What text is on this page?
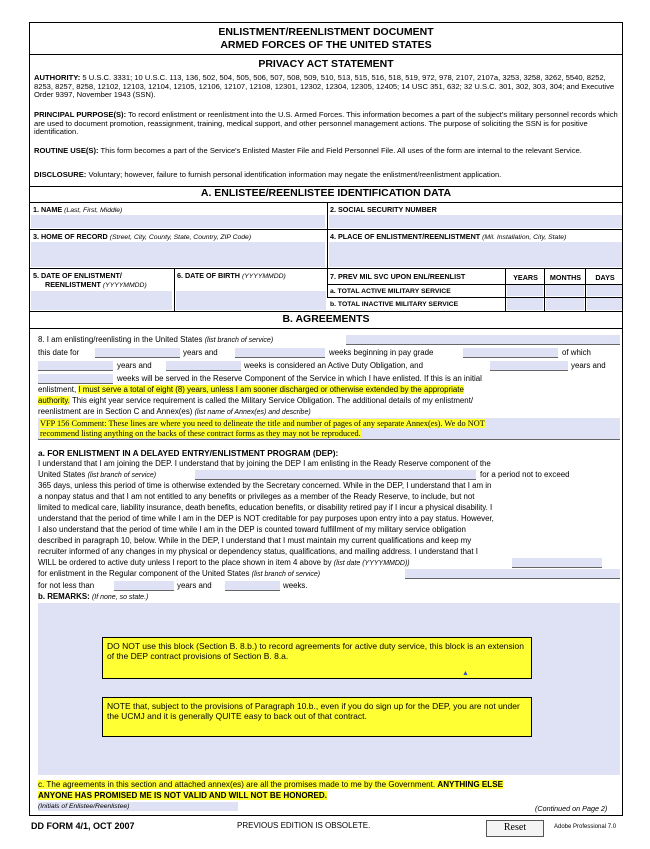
ENLISTMENT/REENLISTMENT DOCUMENT
ARMED FORCES OF THE UNITED STATES
PRIVACY ACT STATEMENT
AUTHORITY: 5 U.S.C. 3331; 10 U.S.C. 113, 136, 502, 504, 505, 506, 507, 508, 509, 510, 513, 515, 516, 518, 519, 972, 978, 2107, 2107a, 3253, 3258, 3262, 5540, 8252, 8253, 8257, 8258, 12102, 12103, 12104, 12105, 12106, 12107, 12108, 12301, 12302, 12304, 12305, 12405; 14 USC 351, 632; 32 U.S.C. 301, 302, 303, 304; and Executive Order 9397, November 1943 (SSN).
PRINCIPAL PURPOSE(S): To record enlistment or reenlistment into the U.S. Armed Forces. This information becomes a part of the subject's military personnel records which are used to document promotion, reassignment, training, medical support, and other personnel management actions. The purpose of soliciting the SSN is for positive identification.
ROUTINE USE(S): This form becomes a part of the Service's Enlisted Master File and Field Personnel File. All uses of the form are internal to the relevant Service.
DISCLOSURE: Voluntary; however, failure to furnish personal identification information may negate the enlistment/reenlistment application.
A. ENLISTEE/REENLISTEE IDENTIFICATION DATA
1. NAME (Last, First, Middle)	2. SOCIAL SECURITY NUMBER
3. HOME OF RECORD (Street, City, County, State, Country, ZIP Code)	4. PLACE OF ENLISTMENT/REENLISTMENT (Mil. Installation, City, State)
5. DATE OF ENLISTMENT/
REENLISTMENT (YYYYMMDD)
6. DATE OF BIRTH (YYYYMMDD)	7. PREV MIL SVC UPON ENL/REENLIST	YEARS	MONTHS	DAYS
a. TOTAL ACTIVE MILITARY SERVICE
b. TOTAL INACTIVE MILITARY SERVICE
B. AGREEMENTS
8. I am enlisting/reenlisting in the United States (list branch of service)
this date for	years and	weeks beginning in pay grade	of which
years and	weeks is considered an Active Duty Obligation, and	years and
weeks will be served in the Reserve Component of the Service in which I have enlisted. If this is an initial
enlistment, I must serve a total of eight (8) years, unless I am sooner discharged or otherwise extended by the appropriate
authority. This eight year service requirement is called the Military Service Obligation. The additional details of my enlistment/
reenlistment are in Section C and Annex(es) (list name of Annex(es) and describe)
VFP 156 Comment: These lines are where you need to delineate the title and number of pages of any separate Annex(es). We do NOT
recommend listing anything on the backs of these contract forms as they may not be reproduced.
a. FOR ENLISTMENT IN A DELAYED ENTRY/ENLISTMENT PROGRAM (DEP):
I understand that I am joining the DEP. I understand that by joining the DEP I am enlisting in the Ready Reserve component of the
United States (list branch of service)	for a period not to exceed
365 days, unless this period of time is otherwise extended by the Secretary concerned. While in the DEP, I understand that I am in
a nonpay status and that I am not entitled to any benefits or privileges as a member of the Ready Reserve, to include, but not
limited to medical care, liability insurance, death benefits, education benefits, or disability retired pay if I incur a physical disability. I
understand that the period of time while I am in the DEP is NOT creditable for pay purposes upon entry into a pay status. However,
I also understand that the period of time while I am in the DEP is counted toward fulfillment of my military service obligation
described in paragraph 10, below. While in the DEP, I understand that I must maintain my current qualifications and keep my
recruiter informed of any changes in my physical or dependency status, qualifications, and mailing address. I understand that I
WILL be ordered to active duty unless I report to the place shown in item 4 above by (list date (YYYYMMDD))
for enlistment in the Regular component of the United States (list branch of service)
for not less than	years and	weeks.
b. REMARKS: (If none, so state.)
DO NOT use this block (Section B. 8.b.) to record agreements for active duty service, this block is an extension of the DEP contract provisions of Section B. 8.a.
▲
NOTE that, subject to the provisions of Paragraph 10.b., even if you do sign up for the DEP, you are not under the UCMJ and it is generally QUITE easy to back out of that contract.
c. The agreements in this section and attached annex(es) are all the promises made to me by the Government. ANYTHING ELSE
ANYONE HAS PROMISED ME IS NOT VALID AND WILL NOT BE HONORED.
(Initials of Enlistee/Reenlistee)	(Continued on Page 2)
DD FORM 4/1, OCT 2007	PREVIOUS EDITION IS OBSOLETE.	Reset	Adobe Professional 7.0
